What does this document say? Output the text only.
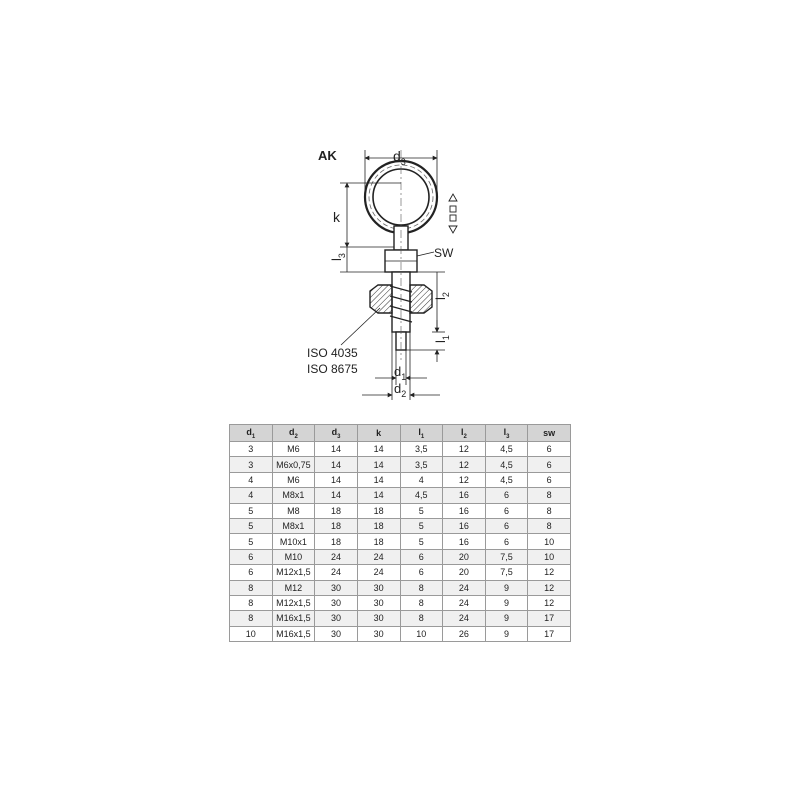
AK	$d_3$
k
$l_3$	SW
$l_2$
$l_1$
ISO 4035
ISO 8675	$d_1$
$d_2$
$d_1$	$d_2$	$d_3$	k	$l_1$	$l_2$	$l_3$	sw
3	M6	14	14	3,5	12	4,5	6
3	M6x0,75	14	14	3,5	12	4,5	6
4	M6	14	14	4	12	4,5	6
4	M8x1	14	14	4,5	16	6	8
5	M8	18	18	5	16	6	8
5	M8x1	18	18	5	16	6	8
5	M10x1	18	18	5	16	6	10
6	M10	24	24	6	20	7,5	10
6	M12x1,5	24	24	6	20	7,5	12
8	M12	30	30	8	24	9	12
8	M12x1,5	30	30	8	24	9	12
8	M16x1,5	30	30	8	24	9	17
10	M16x1,5	30	30	10	26	9	17
